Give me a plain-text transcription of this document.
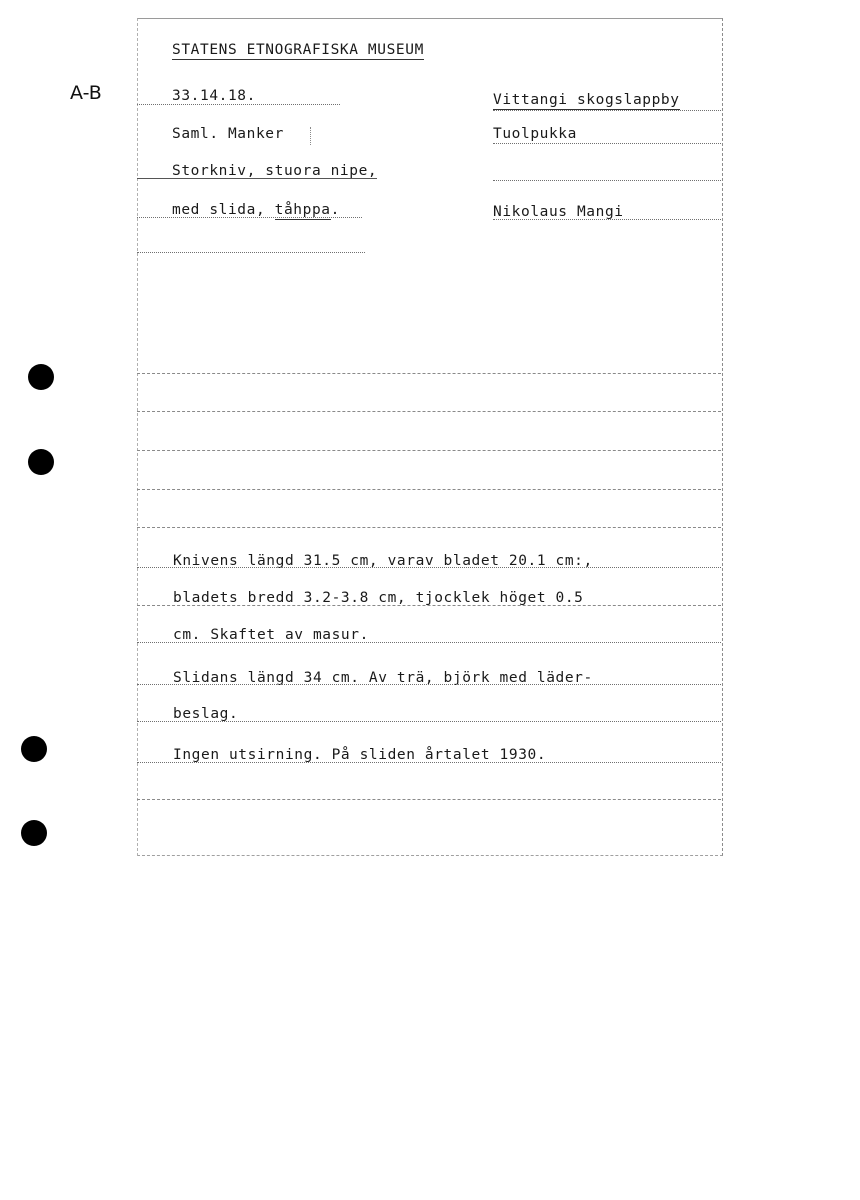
A-B
STATENS ETNOGRAFISKA MUSEUM
33.14.18.
Saml. Manker
Storkniv, stuora nipe,
med slida, tåhppa.
Vittangi skogslappby
Tuolpukka
Nikolaus Mangi
Knivens längd 31.5 cm, varav bladet 20.1 cm:,
bladets bredd 3.2-3.8 cm, tjocklek höget 0.5
cm. Skaftet av masur.
Slidans längd 34 cm. Av trä, björk med läder-
beslag.
Ingen utsirning. På sliden årtalet 1930.
